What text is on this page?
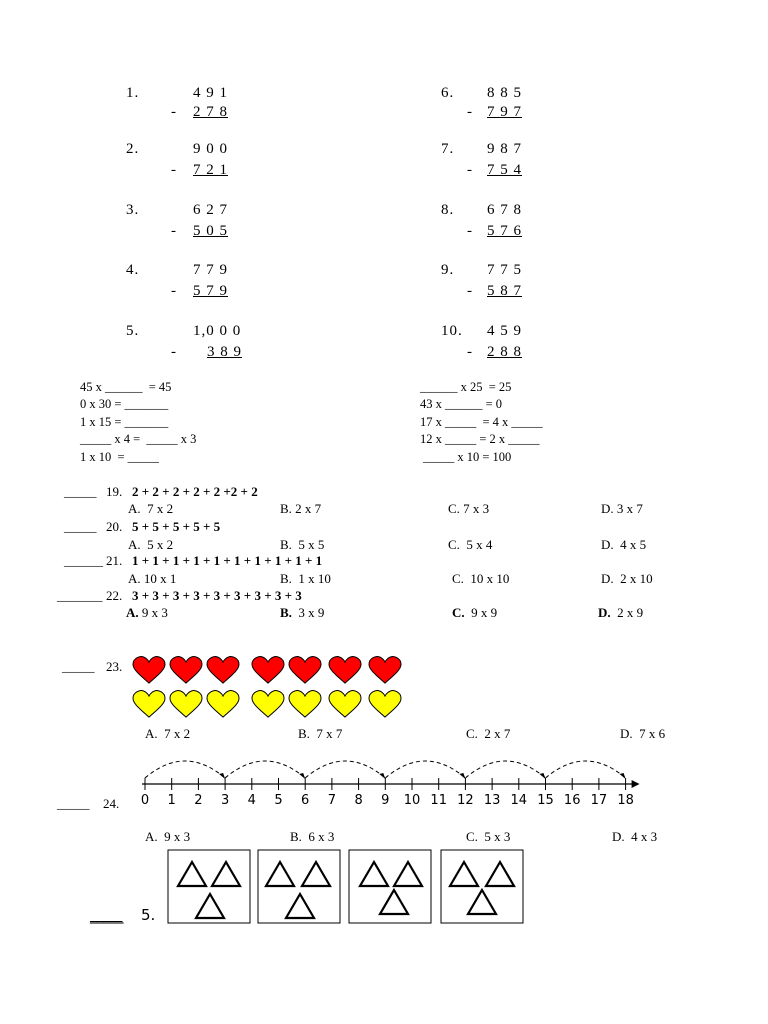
1.	4 9 1
- 2 7 8
2.	9 0 0
- 7 2 1
3.	6 2 7
- 5 0 5
4.	7 7 9
- 5 7 9
5.	1,0 0 0
- 3 8 9
6. 8 8 5
- 7 9 7
7. 9 8 7
- 7 5 4
8. 6 7 8
- 5 7 6
9. 7 7 5
- 5 8 7
10. 4 5 9
- 2 8 8
45 x ______  = 45
0 x 30 = _______
1 x 15 = _______
_____ x 4 =  _____ x 3
1 x 10  = _____
______ x 25  = 25
43 x ______ = 0
17 x _____  = 4 x _____
12 x _____ = 2 x _____
_____ x 10 = 100
_____ 19. 2 + 2 + 2 + 2 + 2 +2 + 2
A. 7 x 2	B. 2 x 7	C. 7 x 3	D. 3 x 7
_____ 20. 5 + 5 + 5 + 5 + 5
A. 5 x 2	B. 5 x 5	C. 5 x 4	D. 4 x 5
______ 21. 1 + 1 + 1 + 1 + 1 + 1 + 1 + 1 + 1 + 1
A. 10 x 1	B. 1 x 10	C. 10 x 10	D. 2 x 10
_______ 22. 3 + 3 + 3 + 3 + 3 + 3 + 3 + 3 + 3
A. 9 x 3	B. 3 x 9	C. 9 x 9	D. 2 x 9
_____ 23.
A.  7 x 2	B.  7 x 7	C.  2 x 7	D.  7 x 6
0 1 2 3 4 5 6 7 8 9 10 11 12 13 14 15 16 17 18
_____ 24.
A.  9 x 3	B.  6 x 3	C.  5 x 3	D.  4 x 3
_____ 5.
